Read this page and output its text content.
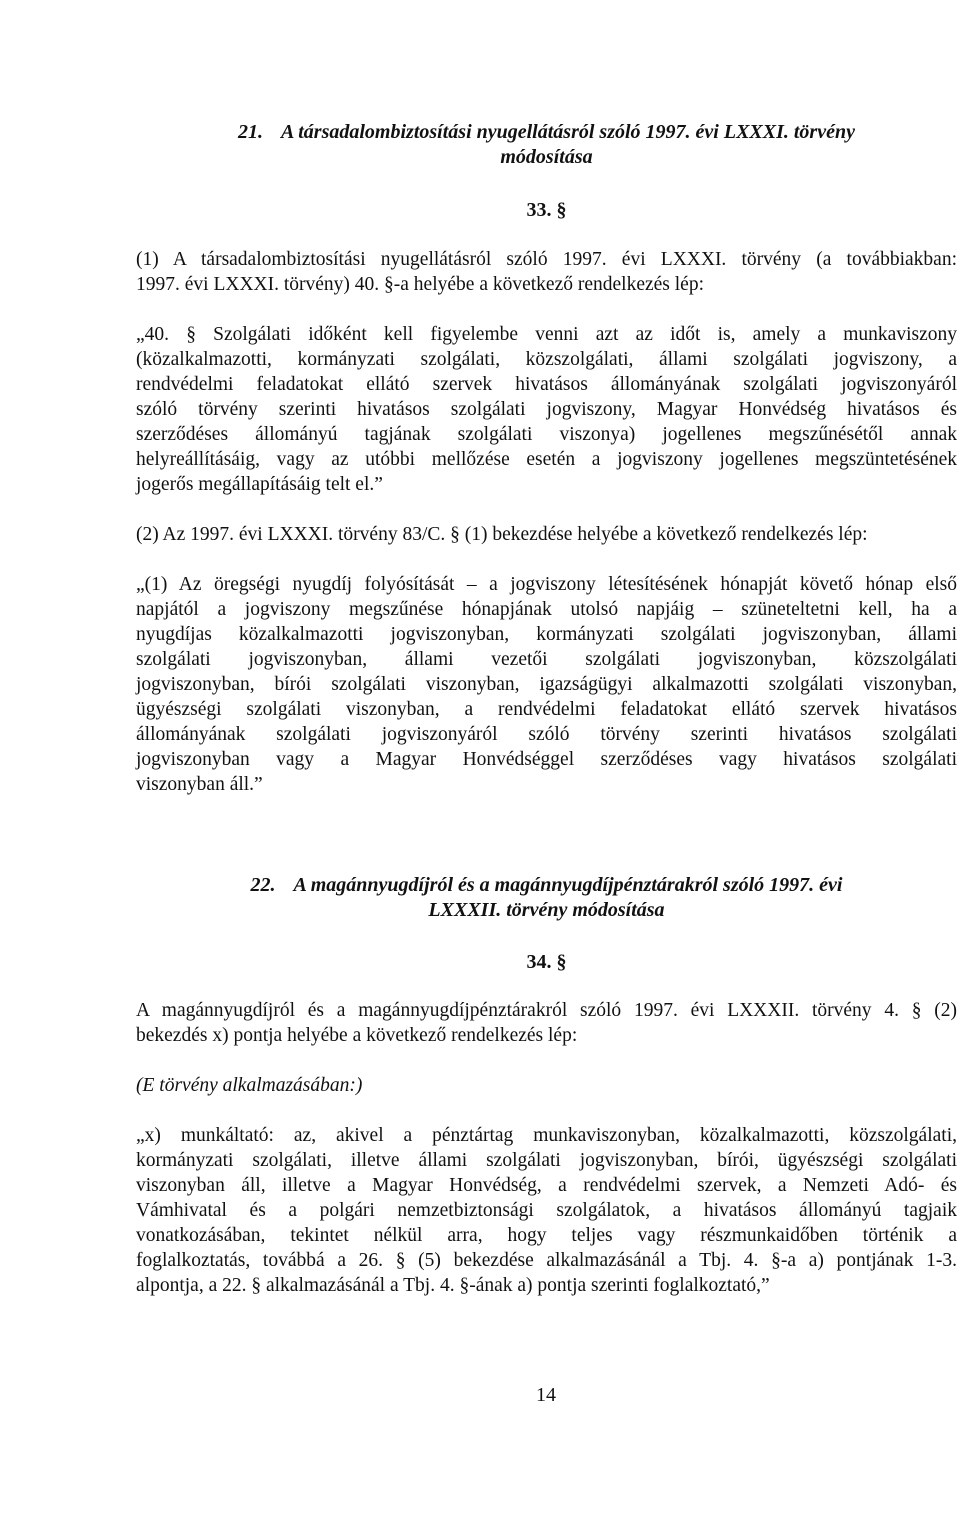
21. A társadalombiztosítási nyugellátásról szóló 1997. évi LXXXI. törvény
módosítása
33. §
(1) A társadalombiztosítási nyugellátásról szóló 1997. évi LXXXI. törvény (a továbbiakban:
1997. évi LXXXI. törvény) 40. §-a helyébe a következő rendelkezés lép:
„40. § Szolgálati időként kell figyelembe venni azt az időt is, amely a munkaviszony
(közalkalmazotti, kormányzati szolgálati, közszolgálati, állami szolgálati jogviszony, a
rendvédelmi feladatokat ellátó szervek hivatásos állományának szolgálati jogviszonyáról
szóló törvény szerinti hivatásos szolgálati jogviszony, Magyar Honvédség hivatásos és
szerződéses állományú tagjának szolgálati viszonya) jogellenes megszűnésétől annak
helyreállításáig, vagy az utóbbi mellőzése esetén a jogviszony jogellenes megszüntetésének
jogerős megállapításáig telt el.”
(2) Az 1997. évi LXXXI. törvény 83/C. § (1) bekezdése helyébe a következő rendelkezés lép:
„(1) Az öregségi nyugdíj folyósítását – a jogviszony létesítésének hónapját követő hónap első
napjától a jogviszony megszűnése hónapjának utolsó napjáig – szüneteltetni kell, ha a
nyugdíjas közalkalmazotti jogviszonyban, kormányzati szolgálati jogviszonyban, állami
szolgálati jogviszonyban, állami vezetői szolgálati jogviszonyban, közszolgálati
jogviszonyban, bírói szolgálati viszonyban, igazságügyi alkalmazotti szolgálati viszonyban,
ügyészségi szolgálati viszonyban, a rendvédelmi feladatokat ellátó szervek hivatásos
állományának szolgálati jogviszonyáról szóló törvény szerinti hivatásos szolgálati
jogviszonyban vagy a Magyar Honvédséggel szerződéses vagy hivatásos szolgálati
viszonyban áll.”
22. A magánnyugdíjról és a magánnyugdíjpénztárakról szóló 1997. évi
LXXXII. törvény módosítása
34. §
A magánnyugdíjról és a magánnyugdíjpénztárakról szóló 1997. évi LXXXII. törvény 4. § (2)
bekezdés x) pontja helyébe a következő rendelkezés lép:
(E törvény alkalmazásában:)
„x) munkáltató: az, akivel a pénztártag munkaviszonyban, közalkalmazotti, közszolgálati,
kormányzati szolgálati, illetve állami szolgálati jogviszonyban, bírói, ügyészségi szolgálati
viszonyban áll, illetve a Magyar Honvédség, a rendvédelmi szervek, a Nemzeti Adó- és
Vámhivatal és a polgári nemzetbiztonsági szolgálatok, a hivatásos állományú tagjaik
vonatkozásában, tekintet nélkül arra, hogy teljes vagy részmunkaidőben történik a
foglalkoztatás, továbbá a 26. § (5) bekezdése alkalmazásánál a Tbj. 4. §-a a) pontjának 1-3.
alpontja, a 22. § alkalmazásánál a Tbj. 4. §-ának a) pontja szerinti foglalkoztató,”
14
